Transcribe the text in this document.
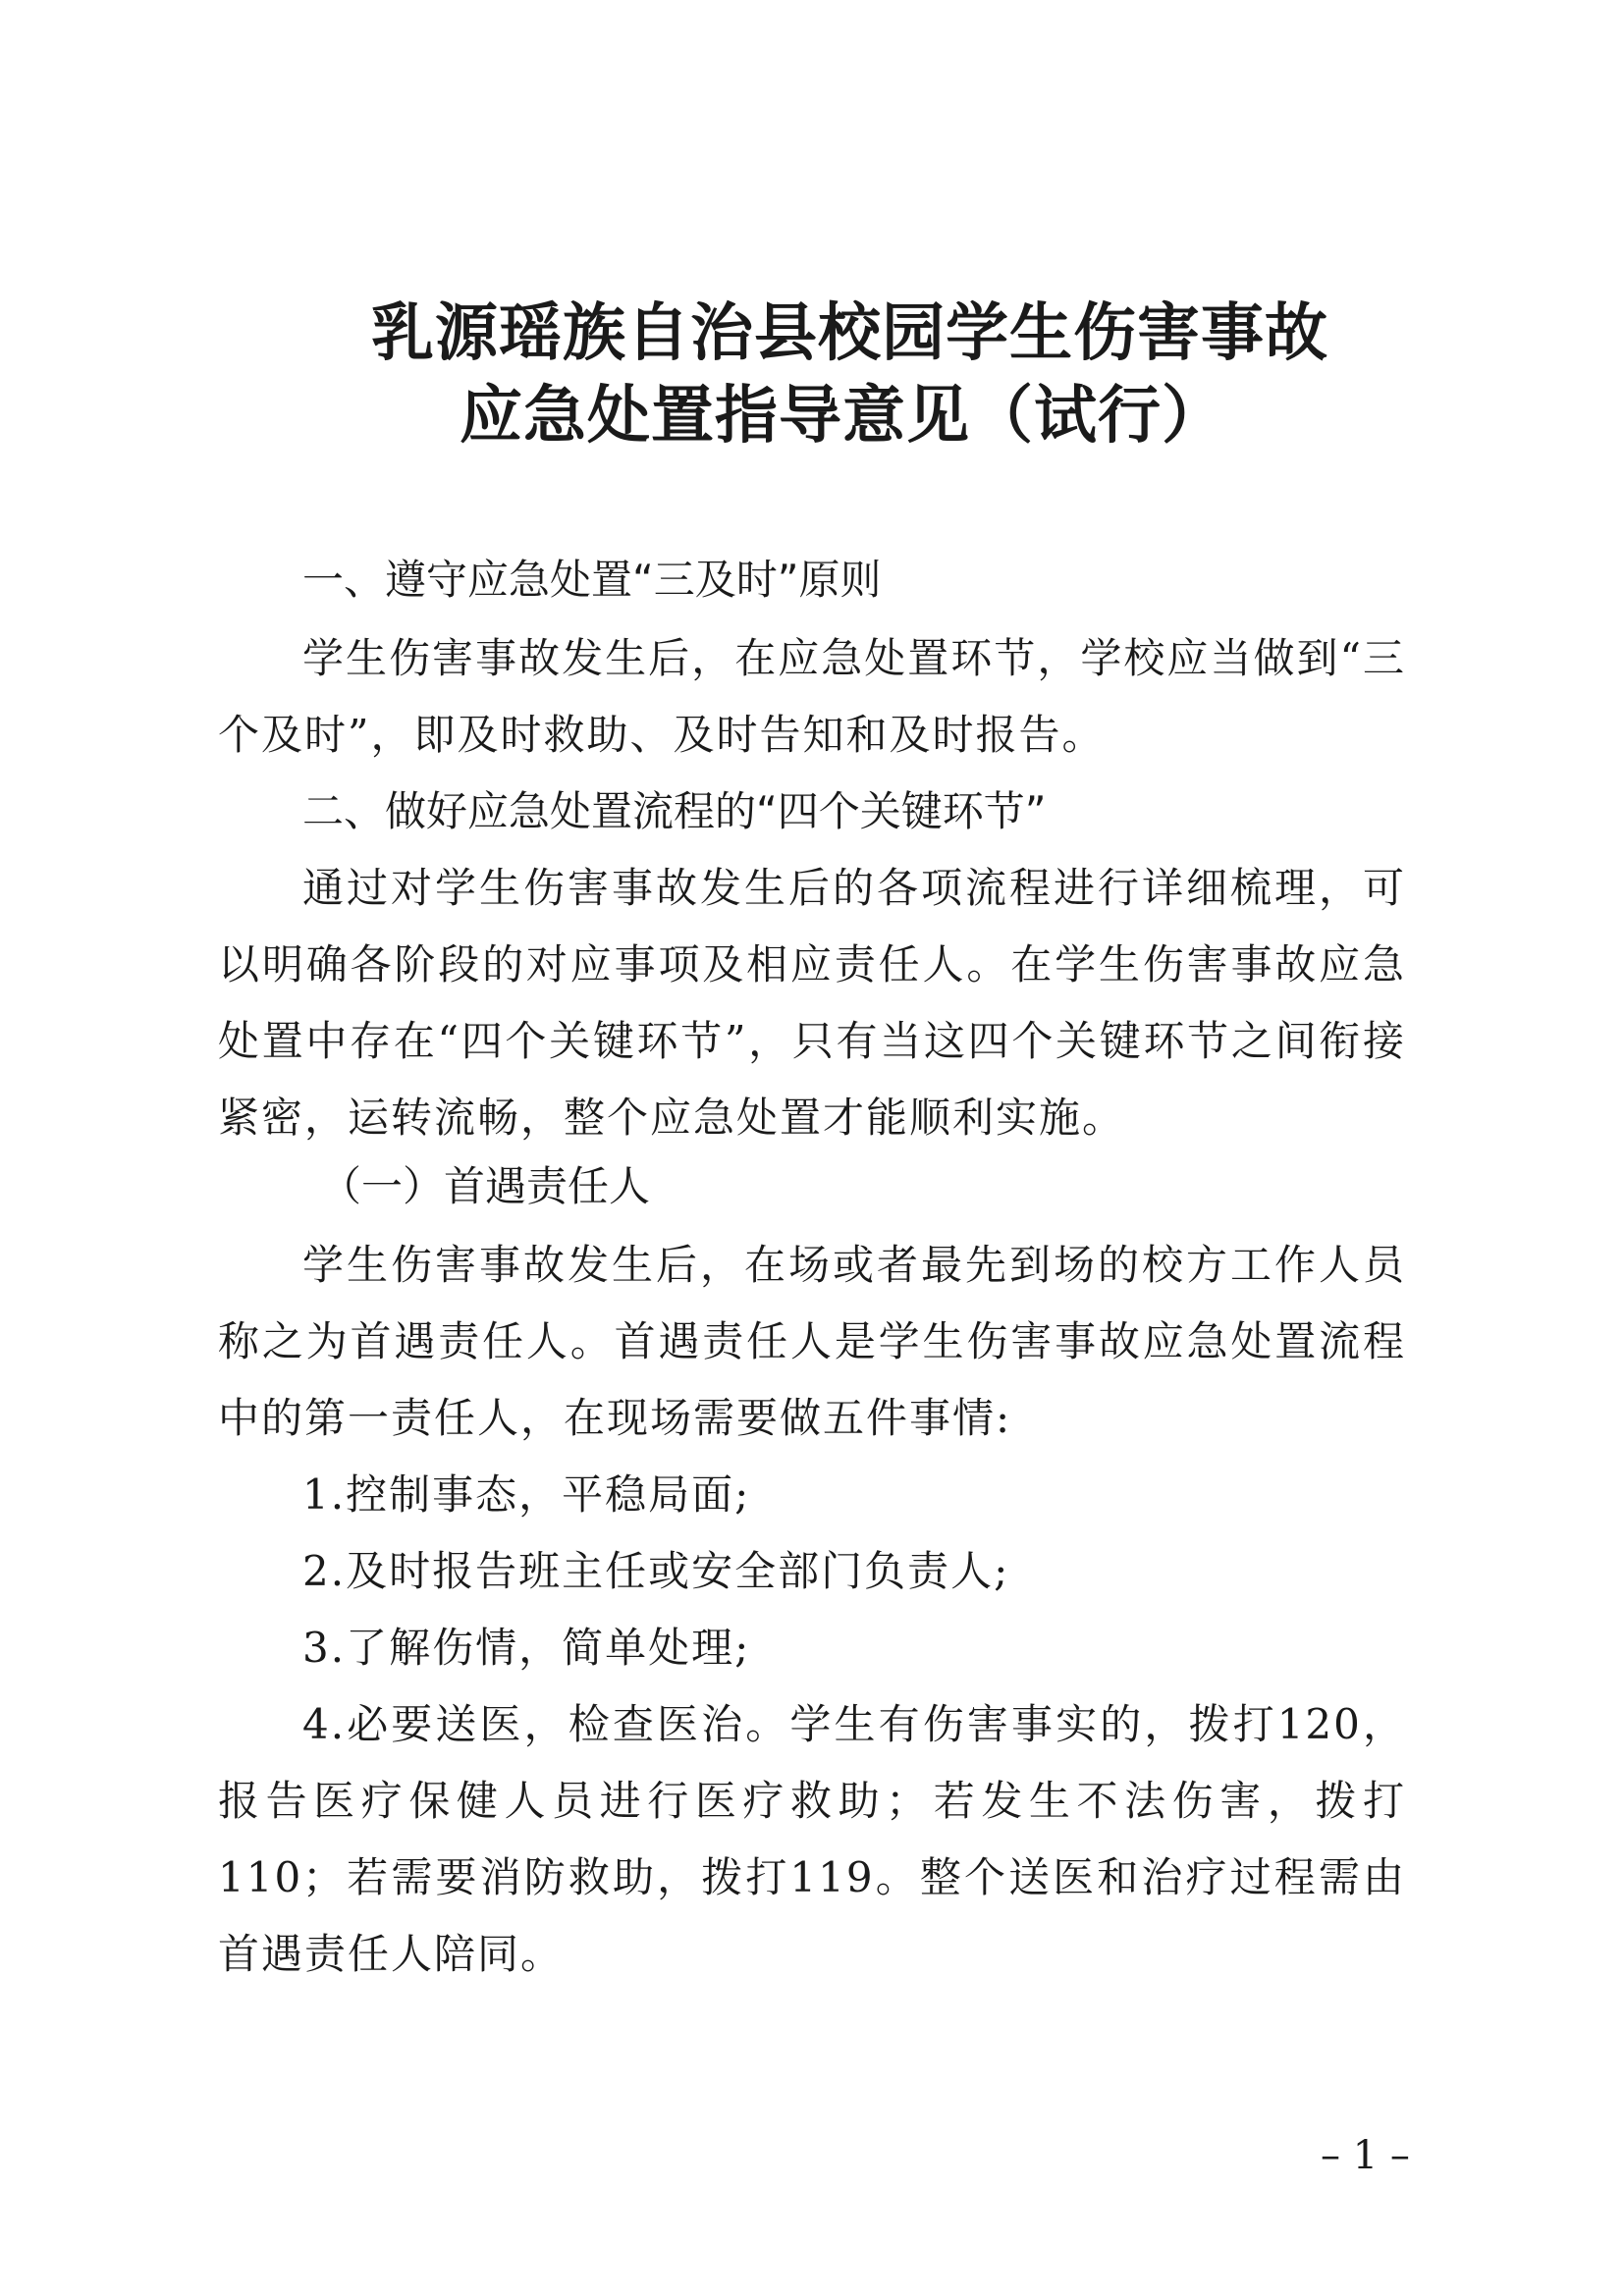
乳源瑶族自治县校园学生伤害事故
应急处置指导意见（试行）
一、遵守应急处置“三及时”原则

学生伤害事故发生后，在应急处置环节，学校应当做到“三个及时”，即及时救助、及时告知和及时报告。

二、做好应急处置流程的“四个关键环节”

通过对学生伤害事故发生后的各项流程进行详细梳理，可以明确各阶段的对应事项及相应责任人。在学生伤害事故应急处置中存在“四个关键环节”，只有当这四个关键环节之间衔接紧密，运转流畅，整个应急处置才能顺利实施。

（一）首遇责任人

学生伤害事故发生后，在场或者最先到场的校方工作人员称之为首遇责任人。首遇责任人是学生伤害事故应急处置流程中的第一责任人，在现场需要做五件事情:

1.控制事态，平稳局面;
2.及时报告班主任或安全部门负责人;
3.了解伤情，简单处理;

4.必要送医，检查医治。学生有伤害事实的，拨打120，报告医疗保健人员进行医疗救助；若发生不法伤害，拨打110；若需要消防救助，拨打119。整个送医和治疗过程需由首遇责任人陪同。

– 1 –
